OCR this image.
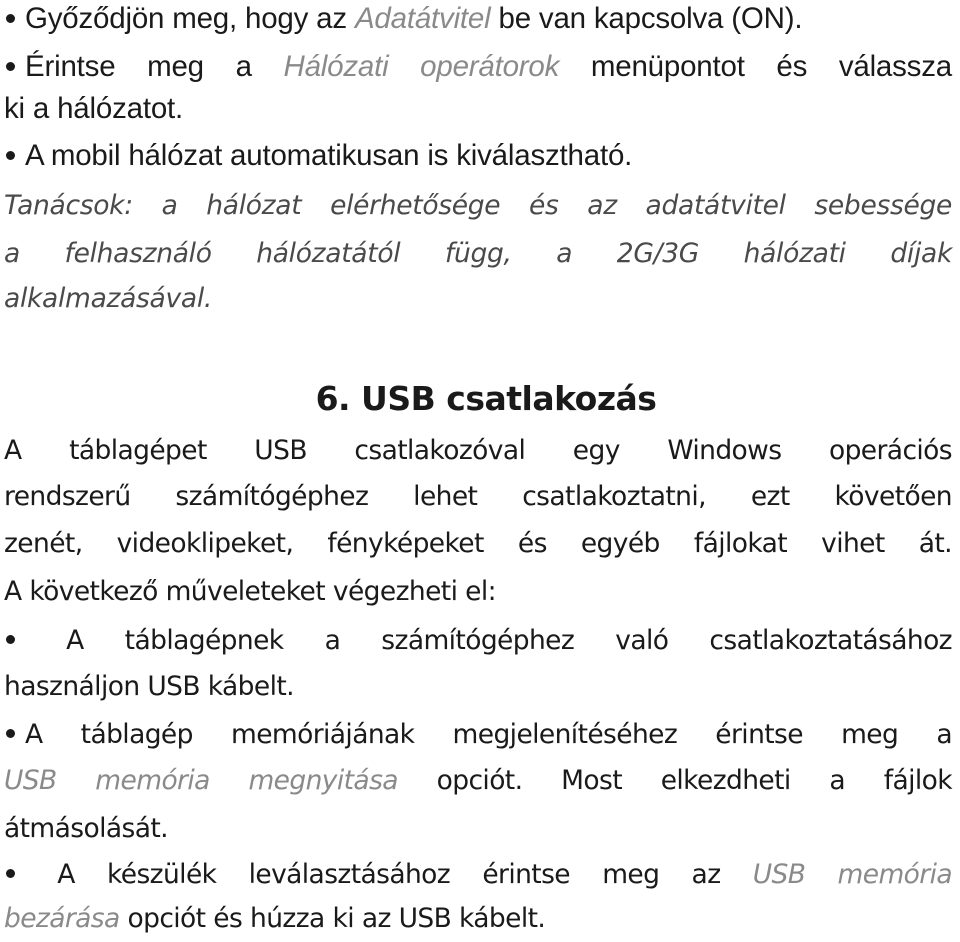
Győződjön meg, hogy az Adatátvitel be van kapcsolva (ON).
Érintse meg a Hálózati operátorok menüpontot és válassza
ki a hálózatot.
A mobil hálózat automatikusan is kiválasztható.
Tanácsok: a hálózat elérhetősége és az adatátvitel sebessége
a felhasználó hálózatától függ, a 2G/3G hálózati díjak
alkalmazásával.
6. USB csatlakozás
A táblagépet USB csatlakozóval egy Windows operációs
rendszerű számítógéphez lehet csatlakoztatni, ezt követően
zenét, videoklipeket, fényképeket és egyéb fájlokat vihet át.
A következő műveleteket végezheti el:
A táblagépnek a számítógéphez való csatlakoztatásához
használjon USB kábelt.
A táblagép memóriájának megjelenítéséhez érintse meg a
USB memória megnyitása opciót. Most elkezdheti a fájlok
átmásolását.
A készülék leválasztásához érintse meg az USB memória
bezárása opciót és húzza ki az USB kábelt.
